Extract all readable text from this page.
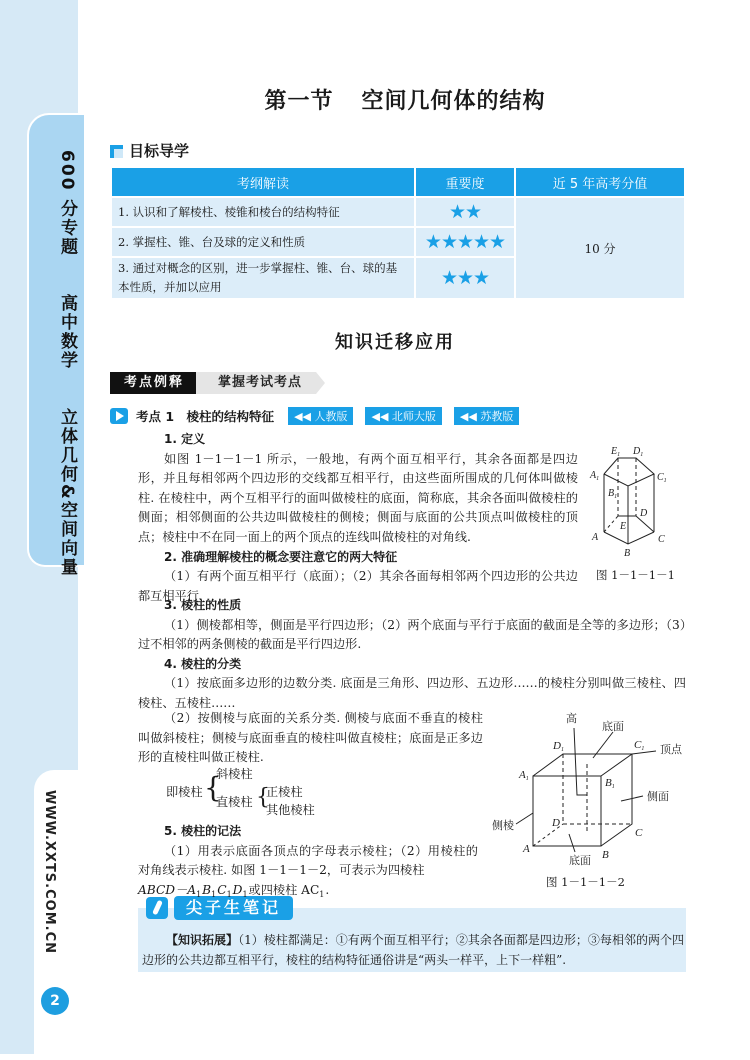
600 分专题  高中数学  立体几何&空间向量
WWW.XXTS.COM.CN
2
第一节 空间几何体的结构
目标导学
考纲解读	重要度	近 5 年高考分值
1. 认识和了解棱柱、棱锥和棱台的结构特征	★★	10 分
2. 掌握柱、锥、台及球的定义和性质	★★★★★	
3. 通过对概念的区别，进一步掌握柱、锥、台、球的基本性质，并加以应用	★★★	
知识迁移应用
考点例释	掌握考试考点
考点 1　棱柱的结构特征	◀◀ 人教版	◀◀ 北师大版	◀◀ 苏教版
1. 定义
如图 1－1－1－1 所示，一般地，有两个面互相平行，其余各面都是四边形，并且每相邻两个四边形的交线都互相平行，由这些面所围成的几何体叫做棱柱. 在棱柱中，两个互相平行的面叫做棱柱的底面，简称底，其余各面叫做棱柱的侧面；相邻侧面的公共边叫做棱柱的侧棱；侧面与底面的公共顶点叫做棱柱的顶点；棱柱中不在同一面上的两个顶点的连线叫做棱柱的对角线.
2. 准确理解棱柱的概念要注意它的两大特征
（1）有两个面互相平行（底面）；（2）其余各面每相邻两个四边形的公共边都互相平行.
$E_1$ $D_1$
$A_1$	$C_1$
$B_1$
D
E
A	C
B
图 1－1－1－1
3. 棱柱的性质
（1）侧棱都相等，侧面是平行四边形；（2）两个底面与平行于底面的截面是全等的多边形；（3）过不相邻的两条侧棱的截面是平行四边形.
4. 棱柱的分类
（1）按底面多边形的边数分类. 底面是三角形、四边形、五边形……的棱柱分别叫做三棱柱、四棱柱、五棱柱……
（2）按侧棱与底面的关系分类. 侧棱与底面不垂直的棱柱叫做斜棱柱；侧棱与底面垂直的棱柱叫做直棱柱；底面是正多边形的直棱柱叫做正棱柱.
即棱柱 {
斜棱柱
直棱柱 {
正棱柱
其他棱柱
5. 棱柱的记法
（1）用表示底面各顶点的字母表示棱柱；（2）用棱柱的对角线表示棱柱. 如图 1－1－1－2，可表示为四棱柱
ABCD－A1B1C1D1或四棱柱 AC1.
高
底面
顶点
侧面
侧棱
底面
D1	C1
A1	B1
D
C
A	B
图 1－1－1－2
尖子生笔记
【知识拓展】（1）棱柱都满足：①有两个面互相平行；②其余各面都是四边形；③每相邻的两个四边形的公共边都互相平行，棱柱的结构特征通俗讲是“两头一样平，上下一样粗”.
